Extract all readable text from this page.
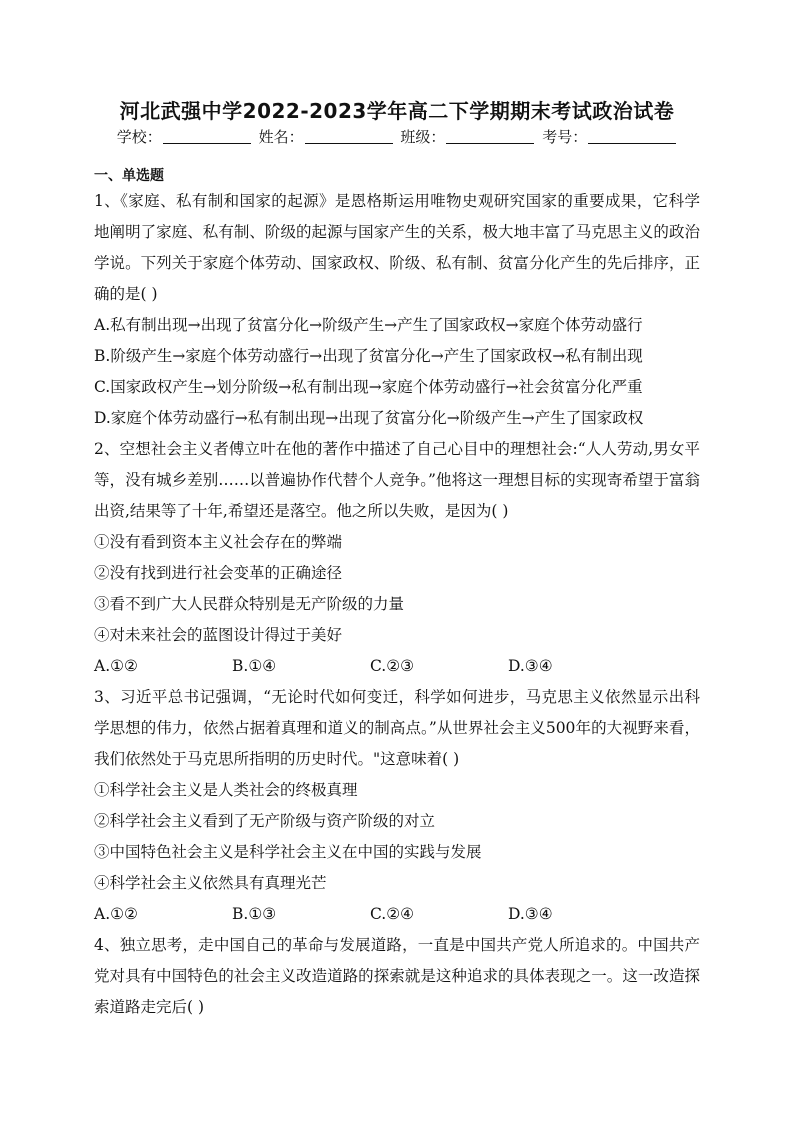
河北武强中学2022-2023学年高二下学期期末考试政治试卷
学校：	姓名：	班级：	考号：

一、单选题

1、《家庭、私有制和国家的起源》是恩格斯运用唯物史观研究国家的重要成果，它科学地阐明了家庭、私有制、阶级的起源与国家产生的关系，极大地丰富了马克思主义的政治学说。下列关于家庭个体劳动、国家政权、阶级、私有制、贫富分化产生的先后排序，正确的是( )

A.私有制出现→出现了贫富分化→阶级产生→产生了国家政权→家庭个体劳动盛行

B.阶级产生→家庭个体劳动盛行→出现了贫富分化→产生了国家政权→私有制出现

C.国家政权产生→划分阶级→私有制出现→家庭个体劳动盛行→社会贫富分化严重

D.家庭个体劳动盛行→私有制出现→出现了贫富分化→阶级产生→产生了国家政权

2、空想社会主义者傅立叶在他的著作中描述了自己心目中的理想社会:“人人劳动,男女平等，没有城乡差别……以普遍协作代替个人竞争。”他将这一理想目标的实现寄希望于富翁出资,结果等了十年,希望还是落空。他之所以失败，是因为( )

①没有看到资本主义社会存在的弊端

②没有找到进行社会变革的正确途径

③看不到广大人民群众特别是无产阶级的力量

④对未来社会的蓝图设计得过于美好

A.①②	B.①④	C.②③	D.③④

3、习近平总书记强调，“无论时代如何变迁，科学如何进步，马克思主义依然显示出科学思想的伟力，依然占据着真理和道义的制高点。”从世界社会主义500年的大视野来看，我们依然处于马克思所指明的历史时代。"这意味着( )

①科学社会主义是人类社会的终极真理

②科学社会主义看到了无产阶级与资产阶级的对立

③中国特色社会主义是科学社会主义在中国的实践与发展

④科学社会主义依然具有真理光芒

A.①②	B.①③	C.②④	D.③④

4、独立思考，走中国自己的革命与发展道路，一直是中国共产党人所追求的。中国共产党对具有中国特色的社会主义改造道路的探索就是这种追求的具体表现之一。这一改造探索道路走完后( )
